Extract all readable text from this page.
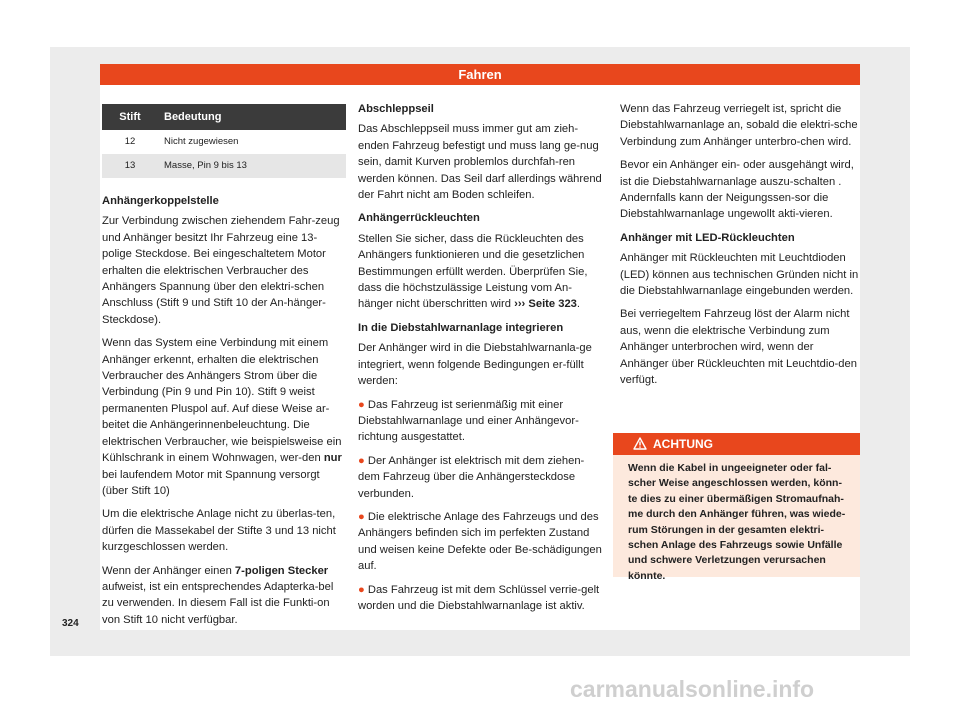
Fahren
Stift	Bedeutung
12	Nicht zugewiesen
13	Masse, Pin 9 bis 13
Anhängerkoppelstelle

Zur Verbindung zwischen ziehendem Fahr-zeug und Anhänger besitzt Ihr Fahrzeug eine 13-polige Steckdose. Bei eingeschaltetem Motor erhalten die elektrischen Verbraucher des Anhängers Spannung über den elektri-schen Anschluss (Stift 9 und Stift 10 der An-hänger-Steckdose).

Wenn das System eine Verbindung mit einem Anhänger erkennt, erhalten die elektrischen Verbraucher des Anhängers Strom über die Verbindung (Pin 9 und Pin 10). Stift 9 weist permanenten Pluspol auf. Auf diese Weise ar-beitet die Anhängerinnenbeleuchtung. Die elektrischen Verbraucher, wie beispielsweise ein Kühlschrank in einem Wohnwagen, wer-den nur bei laufendem Motor mit Spannung versorgt (über Stift 10)

Um die elektrische Anlage nicht zu überlas-ten, dürfen die Massekabel der Stifte 3 und 13 nicht kurzgeschlossen werden.

Wenn der Anhänger einen 7-poligen Stecker aufweist, ist ein entsprechendes Adapterka-bel zu verwenden. In diesem Fall ist die Funkti-on von Stift 10 nicht verfügbar.

Abschleppseil

Das Abschleppseil muss immer gut am zieh-enden Fahrzeug befestigt und muss lang ge-nug sein, damit Kurven problemlos durchfah-ren werden können. Das Seil darf allerdings während der Fahrt nicht am Boden schleifen.

Anhängerrückleuchten

Stellen Sie sicher, dass die Rückleuchten des Anhängers funktionieren und die gesetzlichen Bestimmungen erfüllt werden. Überprüfen Sie, dass die höchstzulässige Leistung vom An-hänger nicht überschritten wird ››› Seite 323.

In die Diebstahlwarnanlage integrieren

Der Anhänger wird in die Diebstahlwarnanla-ge integriert, wenn folgende Bedingungen er-füllt werden:

● Das Fahrzeug ist serienmäßig mit einer Diebstahlwarnanlage und einer Anhängevor-richtung ausgestattet.

● Der Anhänger ist elektrisch mit dem ziehen-dem Fahrzeug über die Anhängersteckdose verbunden.

● Die elektrische Anlage des Fahrzeugs und des Anhängers befinden sich im perfekten Zustand und weisen keine Defekte oder Be-schädigungen auf.

● Das Fahrzeug ist mit dem Schlüssel verrie-gelt worden und die Diebstahlwarnanlage ist aktiv.

Wenn das Fahrzeug verriegelt ist, spricht die Diebstahlwarnanlage an, sobald die elektri-sche Verbindung zum Anhänger unterbro-chen wird.

Bevor ein Anhänger ein- oder ausgehängt wird, ist die Diebstahlwarnanlage auszu-schalten . Andernfalls kann der Neigungssen-sor die Diebstahlwarnanlage ungewollt akti-vieren.

Anhänger mit LED-Rückleuchten

Anhänger mit Rückleuchten mit Leuchtdioden (LED) können aus technischen Gründen nicht in die Diebstahlwarnanlage eingebunden werden.

Bei verriegeltem Fahrzeug löst der Alarm nicht aus, wenn die elektrische Verbindung zum Anhänger unterbrochen wird, wenn der Anhänger über Rückleuchten mit Leuchtdio-den verfügt.

ACHTUNG
Wenn die Kabel in ungeeigneter oder fal-scher Weise angeschlossen werden, könn-te dies zu einer übermäßigen Stromaufnah-me durch den Anhänger führen, was wiede-rum Störungen in der gesamten elektri-schen Anlage des Fahrzeugs sowie Unfälle und schwere Verletzungen verursachen könnte.
324
carmanualsonline.info
